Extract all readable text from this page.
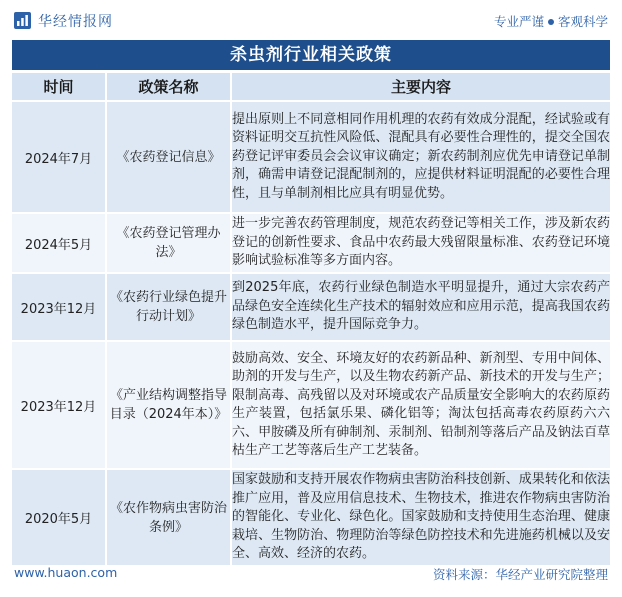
华经情报网	专业严谨 客观科学
杀虫剂行业相关政策
时间	政策名称	主要内容
2024年7月	《农药登记信息》	提出原则上不同意相同作用机理的农药有效成分混配，经试验或有资料证明交互抗性风险低、混配具有必要性合理性的，提交全国农药登记评审委员会会议审议确定；新农药制剂应优先申请登记单制剂，确需申请登记混配制剂的，应提供材料证明混配的必要性合理性，且与单制剂相比应具有明显优势。
2024年5月	《农药登记管理办法》	进一步完善农药管理制度，规范农药登记等相关工作，涉及新农药登记的创新性要求、食品中农药最大残留限量标准、农药登记环境影响试验标准等多方面内容。
2023年12月	《农药行业绿色提升行动计划》	到2025年底，农药行业绿色制造水平明显提升，通过大宗农药产品绿色安全连续化生产技术的辐射效应和应用示范，提高我国农药绿色制造水平，提升国际竞争力。
2023年12月	《产业结构调整指导目录（2024年本）》	鼓励高效、安全、环境友好的农药新品种、新剂型、专用中间体、助剂的开发与生产，以及生物农药新产品、新技术的开发与生产；限制高毒、高残留以及对环境或农产品质量安全影响大的农药原药生产装置，包括氯乐果、磷化铝等；淘汰包括高毒农药原药六六六、甲胺磷及所有砷制剂、汞制剂、铅制剂等落后产品及钠法百草枯生产工艺等落后生产工艺装备。
2020年5月	《农作物病虫害防治条例》	国家鼓励和支持开展农作物病虫害防治科技创新、成果转化和依法推广应用，普及应用信息技术、生物技术，推进农作物病虫害防治的智能化、专业化、绿色化。国家鼓励和支持使用生态治理、健康栽培、生物防治、物理防治等绿色防控技术和先进施药机械以及安全、高效、经济的农药。
www.huaon.com	资料来源：华经产业研究院整理
